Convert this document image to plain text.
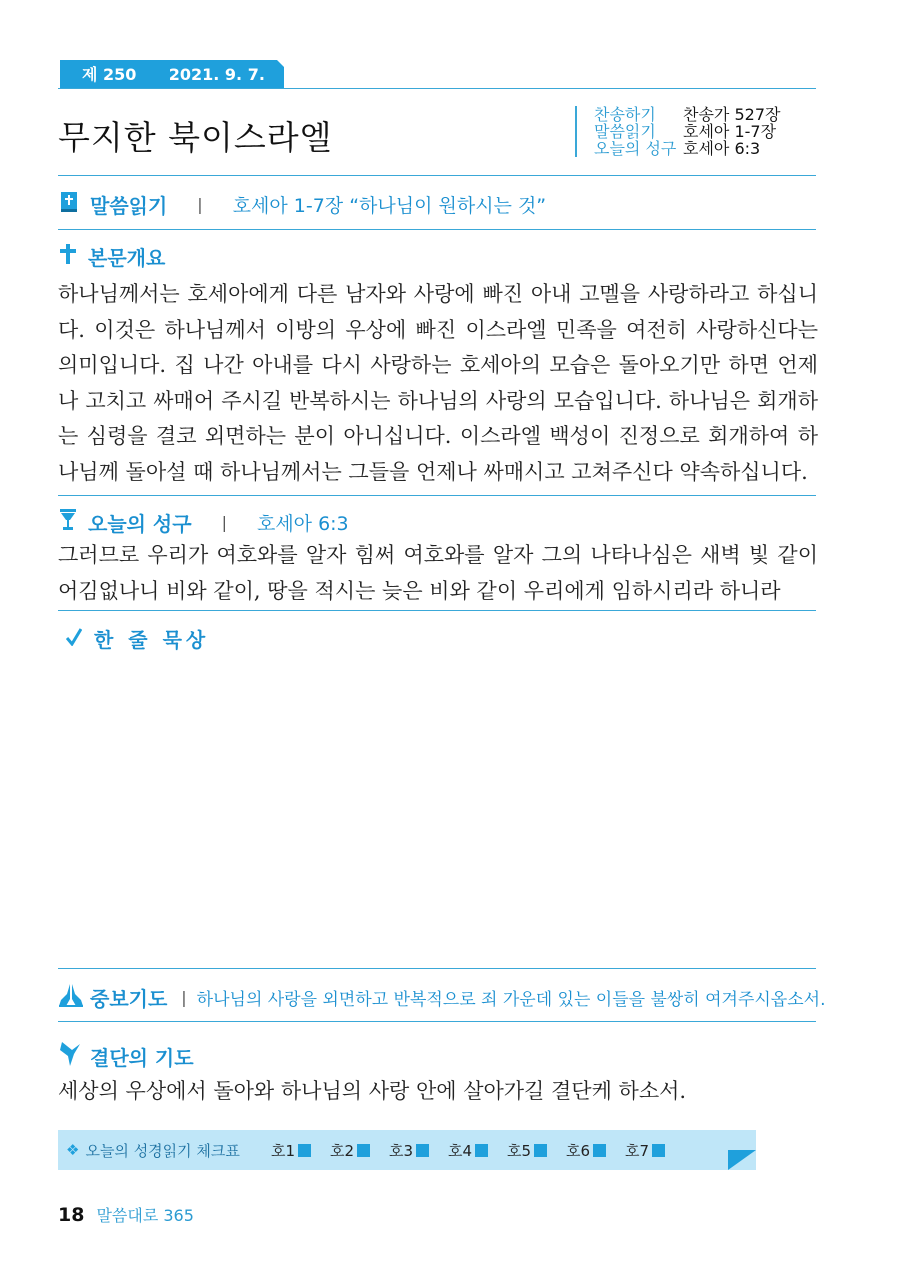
제 250일
2021. 9. 7. 화
무지한 북이스라엘
찬송하기	찬송가 527장
말씀읽기	호세아 1-7장
오늘의 성구 호세아 6:3
말씀읽기 | 호세아 1-7장 “하나님이 원하시는 것”
본문개요
하나님께서는 호세아에게 다른 남자와 사랑에 빠진 아내 고멜을 사랑하라고 하십니다. 이것은 하나님께서 이방의 우상에 빠진 이스라엘 민족을 여전히 사랑하신다는 의미입니다. 집 나간 아내를 다시 사랑하는 호세아의 모습은 돌아오기만 하면 언제나 고치고 싸매어 주시길 반복하시는 하나님의 사랑의 모습입니다. 하나님은 회개하는 심령을 결코 외면하는 분이 아니십니다. 이스라엘 백성이 진정으로 회개하여 하나님께 돌아설 때 하나님께서는 그들을 언제나 싸매시고 고쳐주신다 약속하십니다.
오늘의 성구 | 호세아 6:3
그러므로 우리가 여호와를 알자 힘써 여호와를 알자 그의 나타나심은 새벽 빛 같이 어김없나니 비와 같이, 땅을 적시는 늦은 비와 같이 우리에게 임하시리라 하니라
한 줄 묵상
중보기도 | 하나님의 사랑을 외면하고 반복적으로 죄 가운데 있는 이들을 불쌍히 여겨주시옵소서.
결단의 기도
세상의 우상에서 돌아와 하나님의 사랑 안에 살아가길 결단케 하소서.
❖ 오늘의 성경읽기 체크표 호1 호2 호3 호4 호5 호6 호7
18 말씀대로 365
